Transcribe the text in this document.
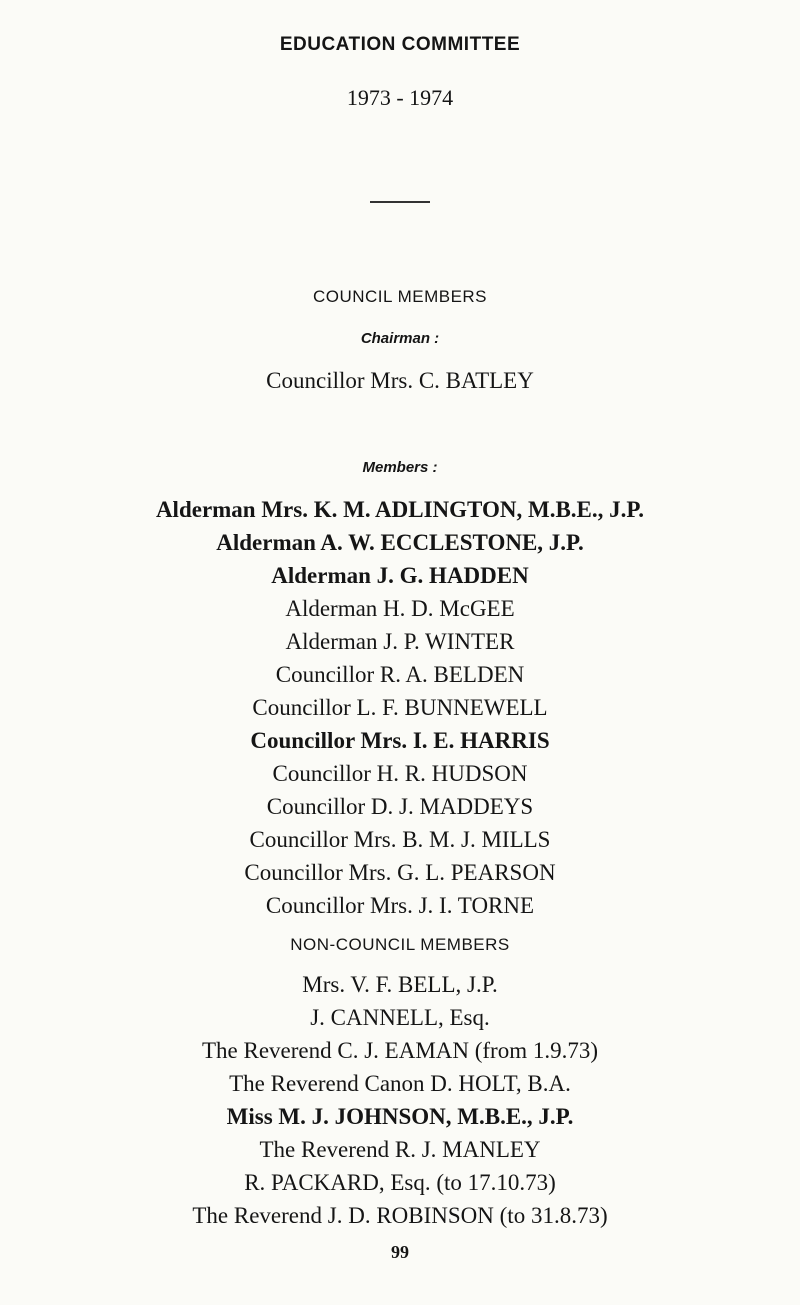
EDUCATION COMMITTEE
1973 - 1974
COUNCIL MEMBERS
Chairman :
Councillor Mrs. C. BATLEY
Members :
Alderman Mrs. K. M. ADLINGTON, M.B.E., J.P.
Alderman A. W. ECCLESTONE, J.P.
Alderman J. G. HADDEN
Alderman H. D. McGEE
Alderman J. P. WINTER
Councillor R. A. BELDEN
Councillor L. F. BUNNEWELL
Councillor Mrs. I. E. HARRIS
Councillor H. R. HUDSON
Councillor D. J. MADDEYS
Councillor Mrs. B. M. J. MILLS
Councillor Mrs. G. L. PEARSON
Councillor Mrs. J. I. TORNE
NON-COUNCIL MEMBERS
Mrs. V. F. BELL, J.P.
J. CANNELL, Esq.
The Reverend C. J. EAMAN (from 1.9.73)
The Reverend Canon D. HOLT, B.A.
Miss M. J. JOHNSON, M.B.E., J.P.
The Reverend R. J. MANLEY
R. PACKARD, Esq. (to 17.10.73)
The Reverend J. D. ROBINSON (to 31.8.73)
99
